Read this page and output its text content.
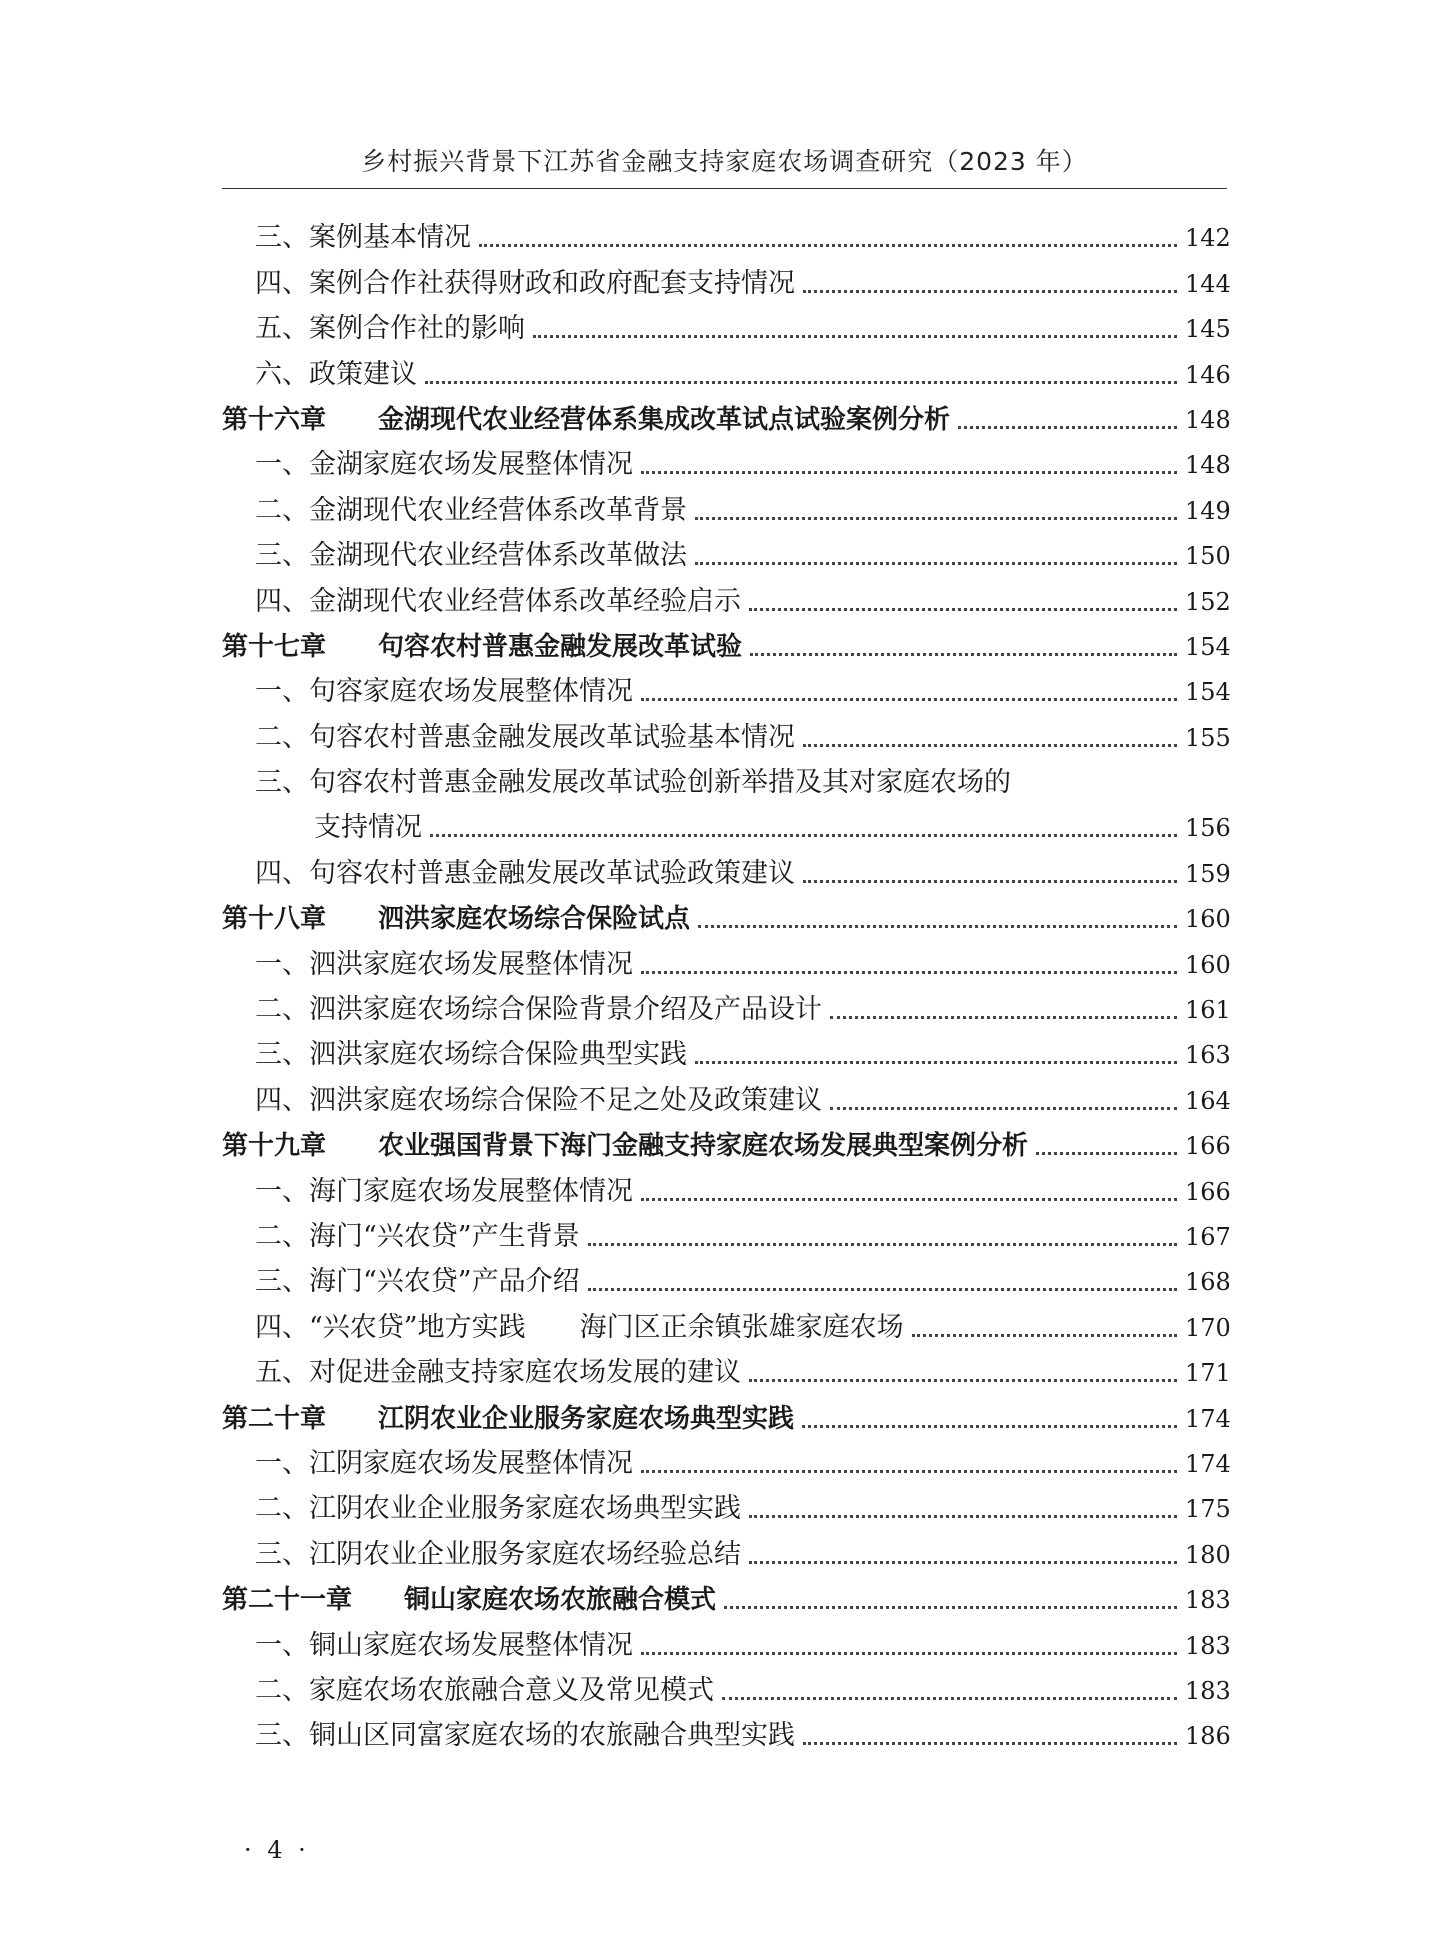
乡村振兴背景下江苏省金融支持家庭农场调查研究（2023 年）
三、案例基本情况	142
四、案例合作社获得财政和政府配套支持情况	144
五、案例合作社的影响	145
六、政策建议	146
第十六章　　金湖现代农业经营体系集成改革试点试验案例分析	148
一、金湖家庭农场发展整体情况	148
二、金湖现代农业经营体系改革背景	149
三、金湖现代农业经营体系改革做法	150
四、金湖现代农业经营体系改革经验启示	152
第十七章　　句容农村普惠金融发展改革试验	154
一、句容家庭农场发展整体情况	154
二、句容农村普惠金融发展改革试验基本情况	155
三、句容农村普惠金融发展改革试验创新举措及其对家庭农场的
支持情况	156
四、句容农村普惠金融发展改革试验政策建议	159
第十八章　　泗洪家庭农场综合保险试点	160
一、泗洪家庭农场发展整体情况	160
二、泗洪家庭农场综合保险背景介绍及产品设计	161
三、泗洪家庭农场综合保险典型实践	163
四、泗洪家庭农场综合保险不足之处及政策建议	164
第十九章　　农业强国背景下海门金融支持家庭农场发展典型案例分析	166
一、海门家庭农场发展整体情况	166
二、海门“兴农贷”产生背景	167
三、海门“兴农贷”产品介绍	168
四、“兴农贷”地方实践　　海门区正余镇张雄家庭农场	170
五、对促进金融支持家庭农场发展的建议	171
第二十章　　江阴农业企业服务家庭农场典型实践	174
一、江阴家庭农场发展整体情况	174
二、江阴农业企业服务家庭农场典型实践	175
三、江阴农业企业服务家庭农场经验总结	180
第二十一章　　铜山家庭农场农旅融合模式	183
一、铜山家庭农场发展整体情况	183
二、家庭农场农旅融合意义及常见模式	183
三、铜山区同富家庭农场的农旅融合典型实践	186
· 4 ·
